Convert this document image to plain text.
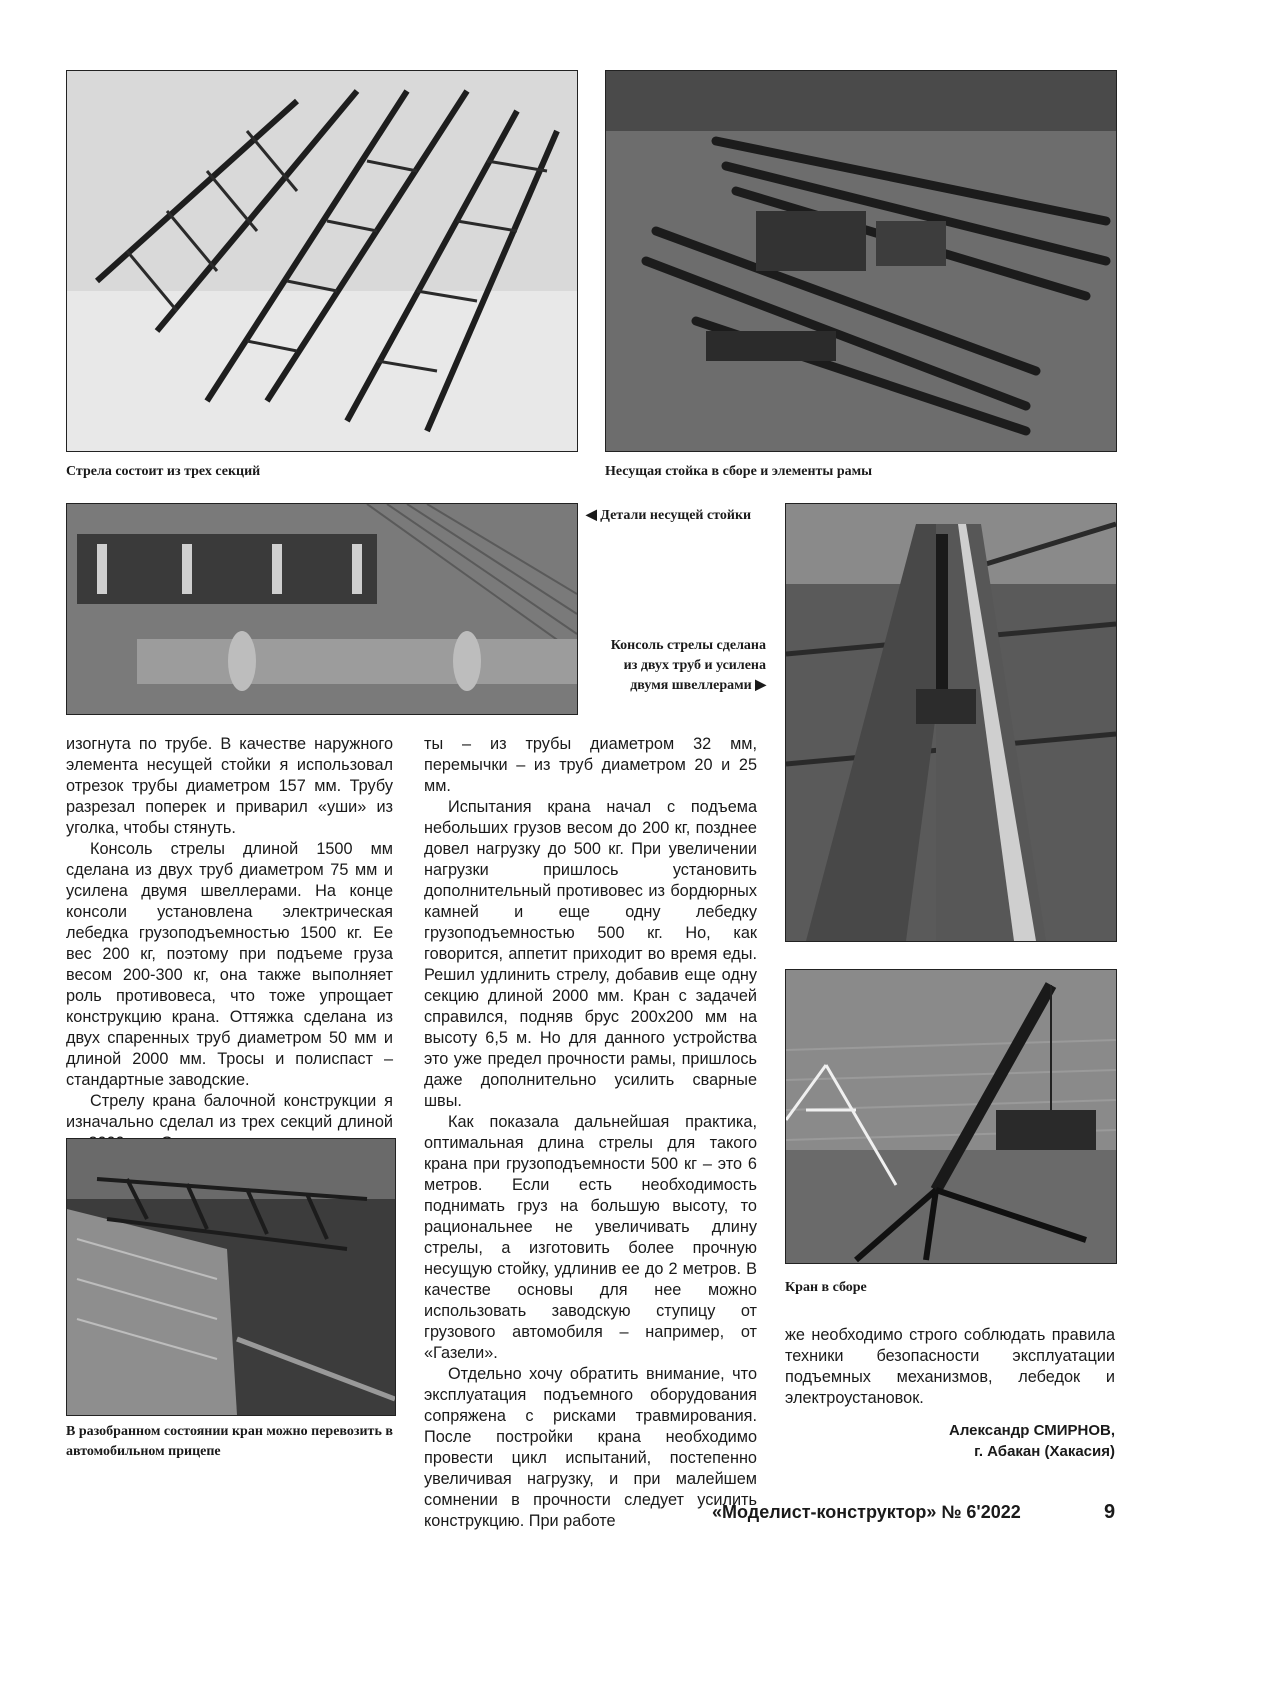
Стрела состоит из трех секций	Несущая стойка в сборе и элементы рамы

◀ Детали несущей стойки

Консоль стрелы сделана из двух труб и усилена двумя швеллерами ▶

изогнута по трубе. В качестве наружного элемента несущей стойки я использовал отрезок трубы диаметром 157 мм. Трубу разрезал поперек и приварил «уши» из уголка, чтобы стянуть.

Консоль стрелы длиной 1500 мм сделана из двух труб диаметром 75 мм и усилена двумя швеллерами. На конце консоли установлена электрическая лебедка грузоподъемностью 1500 кг. Ее вес 200 кг, поэтому при подъеме груза весом 200-300 кг, она также выполняет роль противовеса, что тоже упрощает конструкцию крана. Оттяжка сделана из двух спаренных труб диаметром 50 мм и длиной 2000 мм. Тросы и полиспаст – стандартные заводские.

Стрелу крана балочной конструкции я изначально сделал из трех секций длиной

ты – из трубы диаметром 32 мм, перемычки – из труб диаметром 20 и 25 мм.

Испытания крана начал с подъема небольших грузов весом до 200 кг, позднее довел нагрузку до 500 кг. При увеличении нагрузки пришлось установить дополнительный противовес из бордюрных камней и еще одну лебедку грузоподъемностью 500 кг. Но, как говорится, аппетит приходит во время еды. Решил удлинить стрелу, добавив еще одну секцию длиной 2000 мм. Кран с задачей справился, подняв брус 200х200 мм на высоту 6,5 м. Но для данного устройства это уже предел прочности рамы, пришлось даже дополнительно усилить сварные швы.

Как показала дальнейшая практика, оптимальная длина стрелы для такого крана при грузоподъемности 500 кг – это 6 метров. Если есть необходимость поднимать груз на большую высоту, то рациональнее не увеличивать длину стрелы, а изготовить более прочную несущую стойку, удлинив ее до 2 метров. В качестве основы для нее можно использовать заводскую ступицу от грузового автомобиля – например, от «Газели».

Отдельно хочу обратить внимание, что эксплуатация подъемного оборудования сопряжена с рисками травмирования. После постройки крана необходимо провести цикл испытаний, постепенно увеличивая нагрузку, и при малейшем сомнении в прочности следует усилить конструкцию. При работе

Кран в сборе

В разобранном состоянии кран можно перевозить в автомобильном прицепе

же необходимо строго соблюдать правила техники безопасности эксплуатации подъемных механизмов, лебедок и электроустановок.

Александр СМИРНОВ,
г. Абакан (Хакасия)
«Моделист-конструктор» № 6'2022	9
